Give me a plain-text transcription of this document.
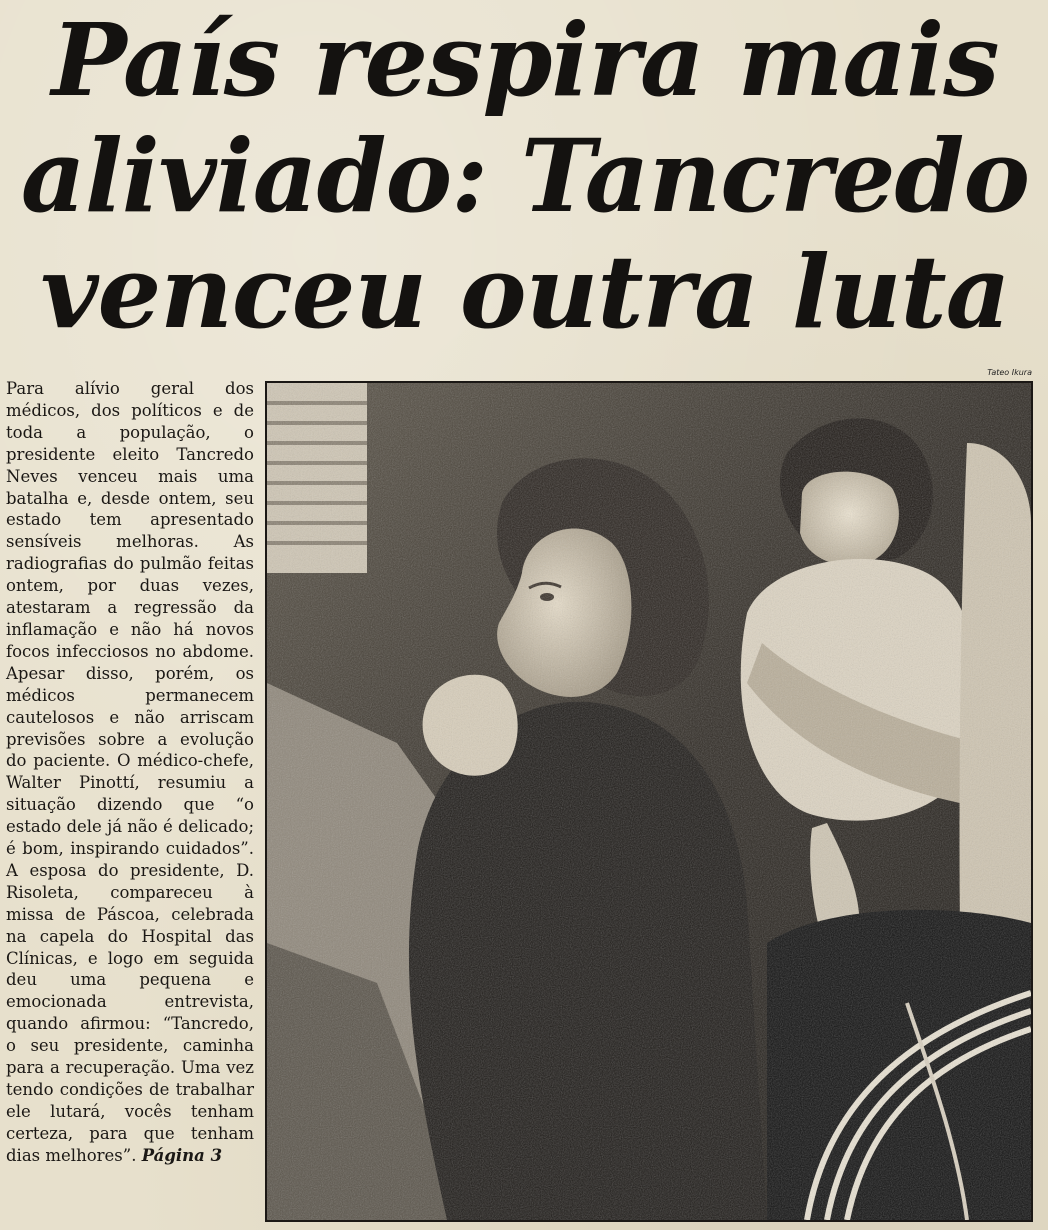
País respira mais
aliviado: Tancredo
venceu outra luta
Tateo Ikura

Para alívio geral dos médicos, dos políticos e de toda a população, o presidente eleito Tancredo Neves venceu mais uma batalha e, desde ontem, seu estado tem apresentado sensíveis melhoras. As radiografias do pulmão feitas ontem, por duas vezes, atestaram a regressão da inflamação e não há novos focos infecciosos no abdome. Apesar disso, porém, os médicos permanecem cautelosos e não arriscam previsões sobre a evolução do paciente. O médico-chefe, Walter Pinottí, resumiu a situação dizendo que “o estado dele já não é delicado; é bom, inspirando cuidados”. A esposa do presidente, D. Risoleta, compareceu à missa de Páscoa, celebrada na capela do Hospital das Clínicas, e logo em seguida deu uma pequena e emocionada entrevista, quando afirmou: “Tancredo, o seu presidente, caminha para a recuperação. Uma vez tendo condições de trabalhar ele lutará, vocês tenham certeza, para que tenham dias melhores”. Página 3
